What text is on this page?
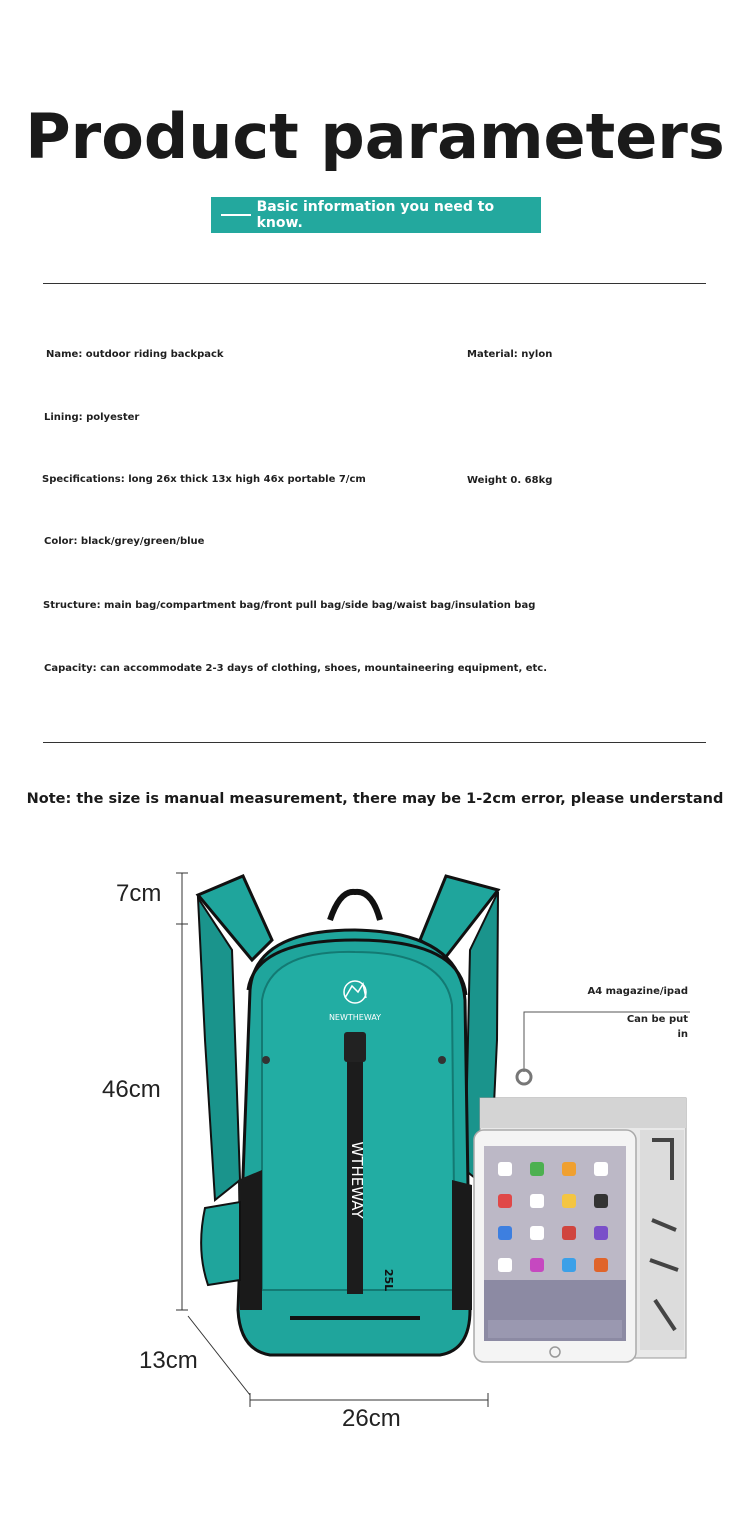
Product parameters
Basic information you need to know.
Name: outdoor riding backpack	Material: nylon
Lining: polyester
Specifications: long 26x thick 13x high 46x portable 7/cm	Weight 0. 68kg
Color: black/grey/green/blue
Structure: main bag/compartment bag/front pull bag/side bag/waist bag/insulation bag
Capacity: can accommodate 2-3 days of clothing, shoes, mountaineering equipment, etc.
Note: the size is manual measurement, there may be 1-2cm error, please understand
NEWTHEWAY
WTHEWAY
25L
7cm
46cm
13cm
26cm
A4 magazine/ipad
Can be put
in
